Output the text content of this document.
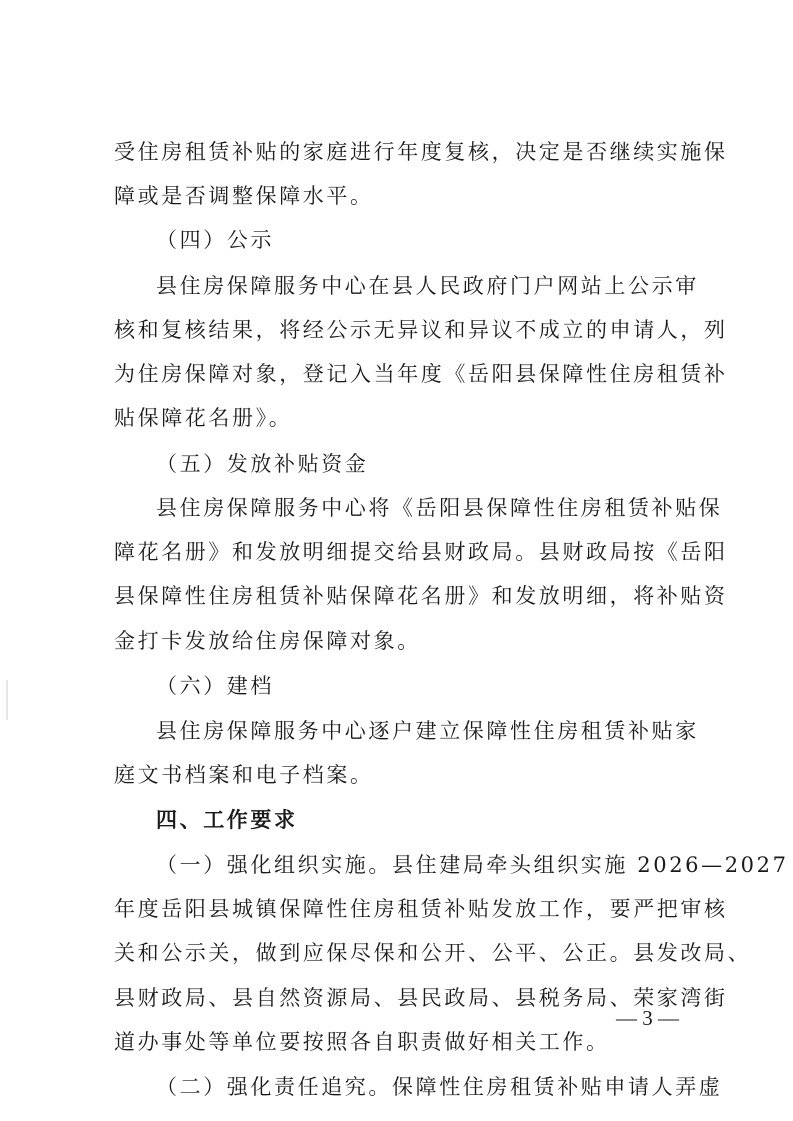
受住房租赁补贴的家庭进行年度复核，决定是否继续实施保
障或是否调整保障水平。
（四）公示
县住房保障服务中心在县人民政府门户网站上公示审
核和复核结果，将经公示无异议和异议不成立的申请人，列
为住房保障对象，登记入当年度《岳阳县保障性住房租赁补
贴保障花名册》。
（五）发放补贴资金
县住房保障服务中心将《岳阳县保障性住房租赁补贴保
障花名册》和发放明细提交给县财政局。县财政局按《岳阳
县保障性住房租赁补贴保障花名册》和发放明细，将补贴资
金打卡发放给住房保障对象。
（六）建档
县住房保障服务中心逐户建立保障性住房租赁补贴家
庭文书档案和电子档案。
四、工作要求
（一）强化组织实施。县住建局牵头组织实施 2026—2027
年度岳阳县城镇保障性住房租赁补贴发放工作，要严把审核
关和公示关，做到应保尽保和公开、公平、公正。县发改局、
县财政局、县自然资源局、县民政局、县税务局、荣家湾街
道办事处等单位要按照各自职责做好相关工作。
（二）强化责任追究。保障性住房租赁补贴申请人弄虚
— 3 —
